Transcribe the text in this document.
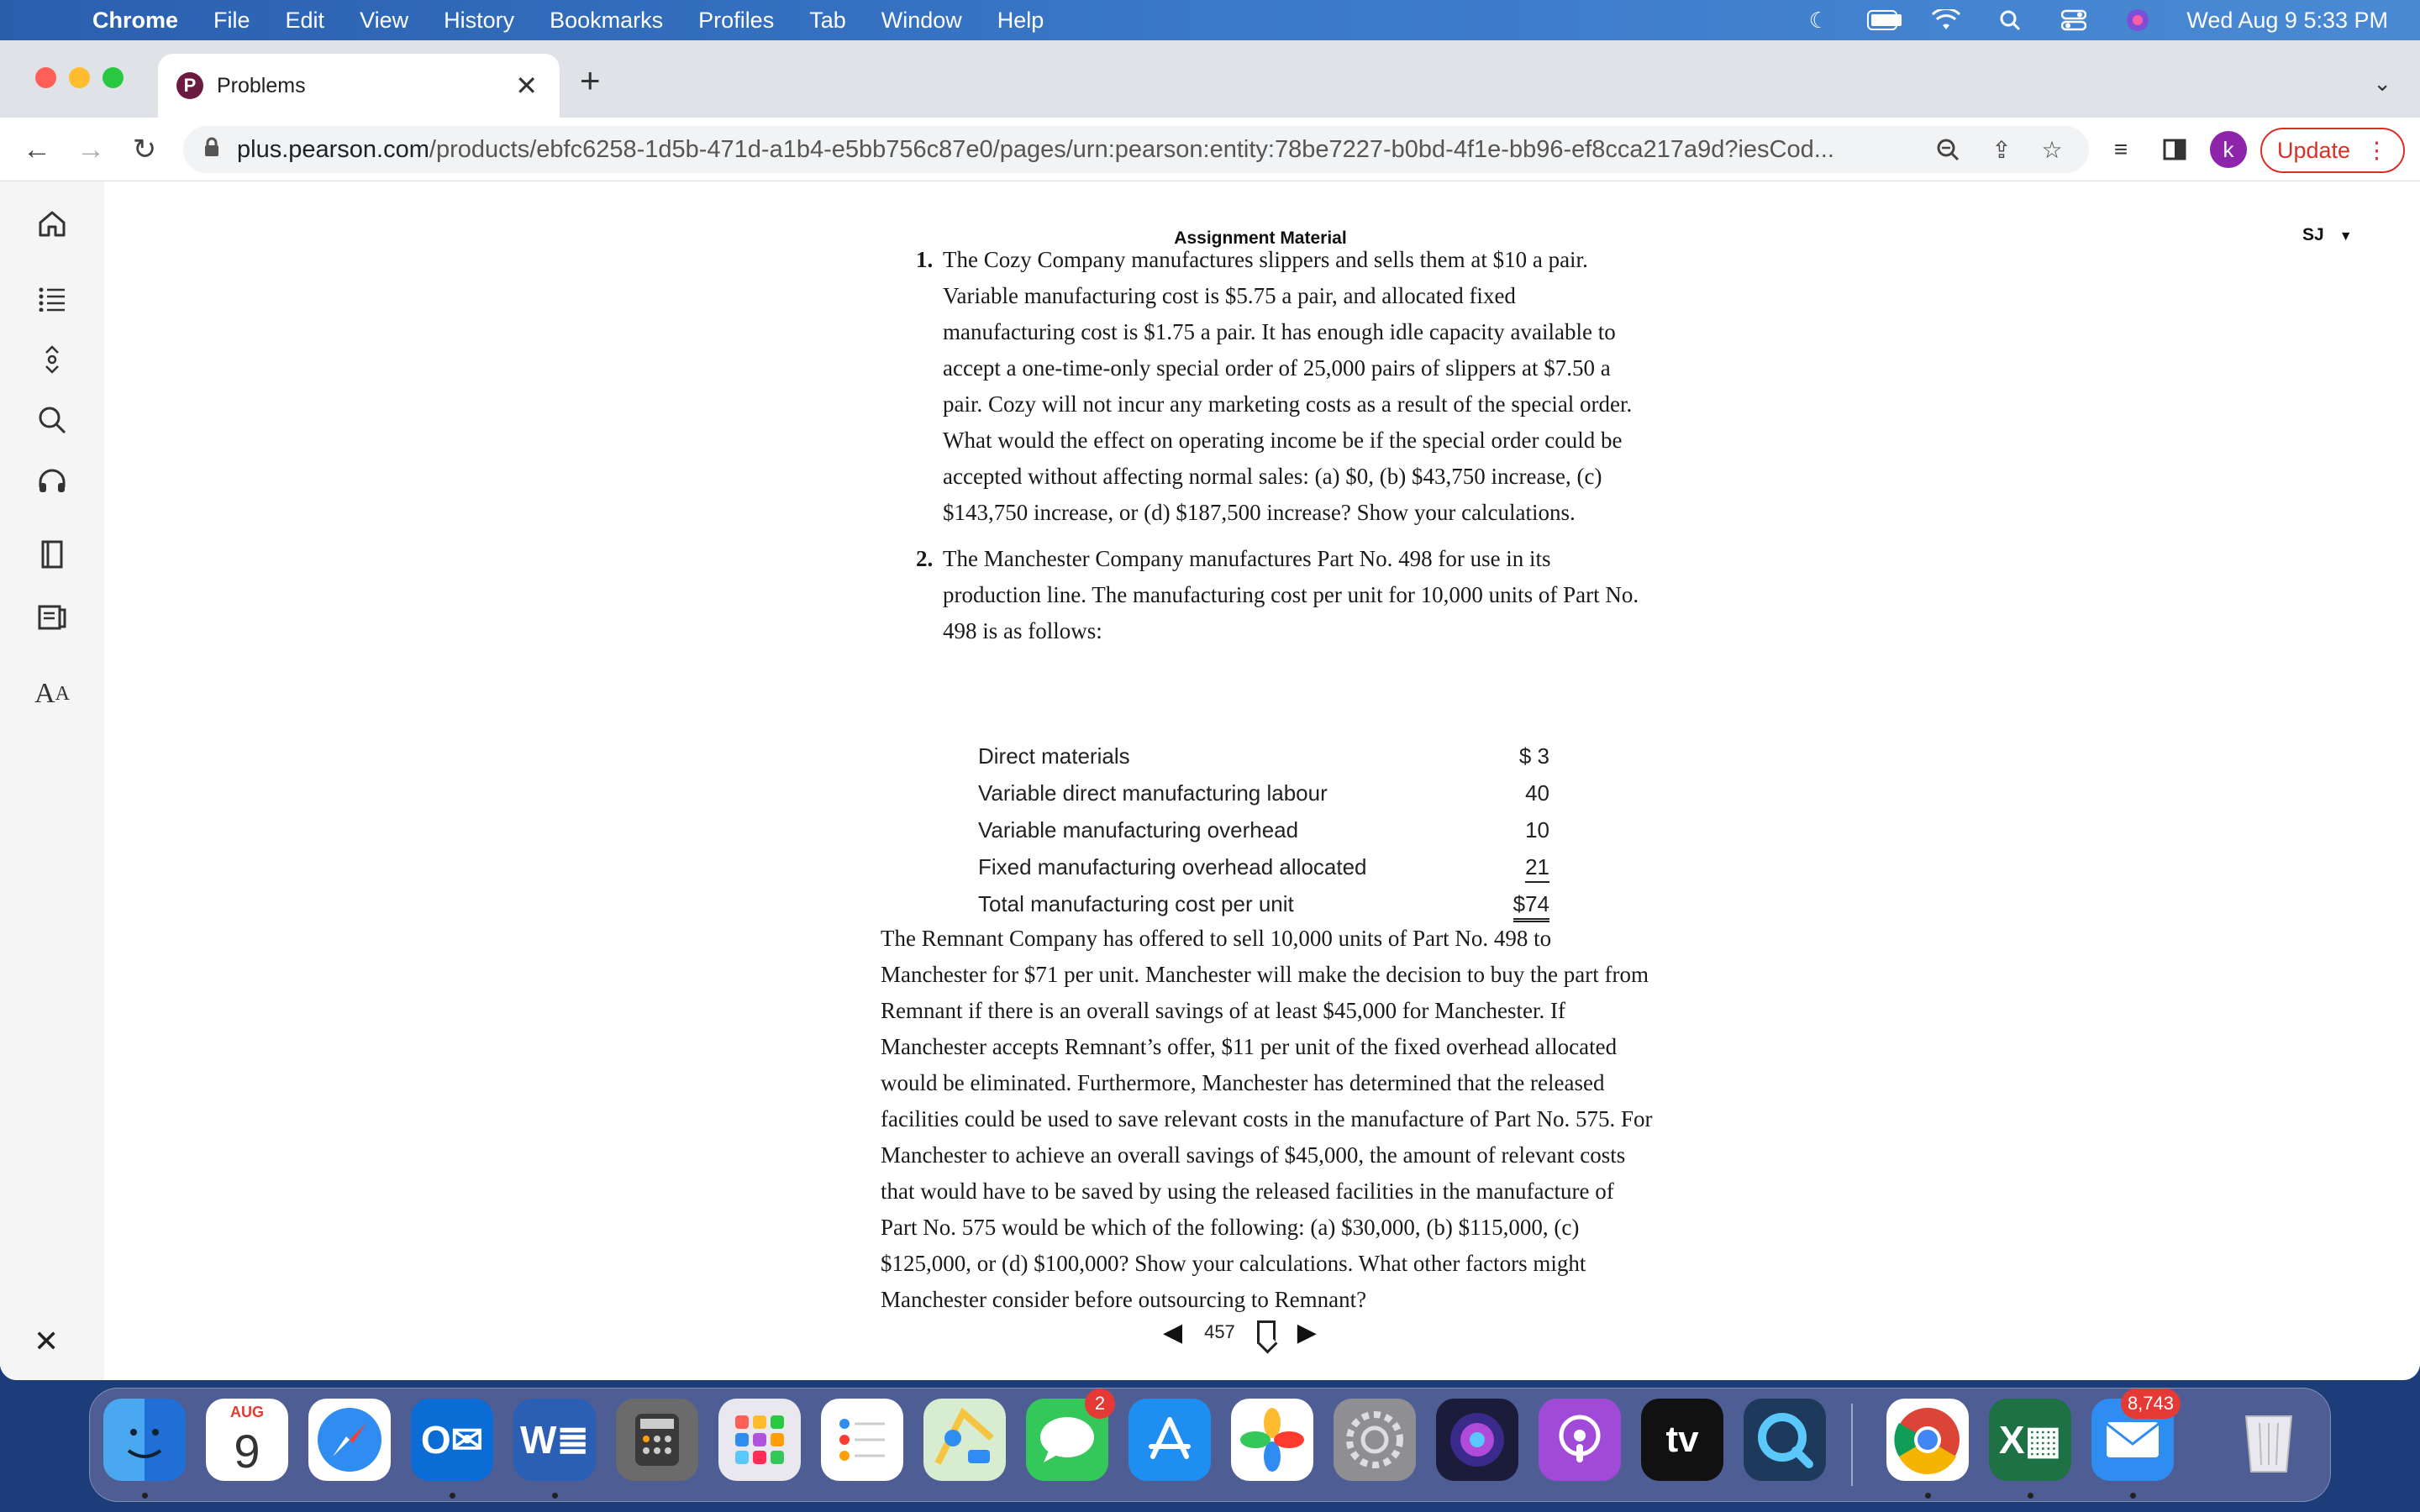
Chrome File Edit View History Bookmarks Profiles Tab Window Help	☾	Wed Aug 9 5:33 PM
P Problems	✕ +	⌄
← → ↻	plus.pearson.com/products/ebfc6258-1d5b-471d-a1b4-e5bb756c87e0/pages/urn:pearson:entity:78be7227-b0bd-4f1e-bb96-ef8cca217a9d?iesCod...	⇪ ☆	≡	k	Update ⋮
A A
✕
Assignment Material	SJ ▼
1. The Cozy Company manufactures slippers and sells them at $10 a pair. Variable manufacturing cost is $5.75 a pair, and allocated fixed manufacturing cost is $1.75 a pair. It has enough idle capacity available to accept a one-time-only special order of 25,000 pairs of slippers at $7.50 a pair. Cozy will not incur any marketing costs as a result of the special order. What would the effect on operating income be if the special order could be accepted without affecting normal sales: (a) $0, (b) $43,750 increase, (c) $143,750 increase, or (d) $187,500 increase? Show your calculations.
2. The Manchester Company manufactures Part No. 498 for use in its production line. The manufacturing cost per unit for 10,000 units of Part No. 498 is as follows:
Direct materials	$ 3
Variable direct manufacturing labour	40
Variable manufacturing overhead	10
Fixed manufacturing overhead allocated	21
Total manufacturing cost per unit	$74
The Remnant Company has offered to sell 10,000 units of Part No. 498 to Manchester for $71 per unit. Manchester will make the decision to buy the part from Remnant if there is an overall savings of at least $45,000 for Manchester. If Manchester accepts Remnant’s offer, $11 per unit of the fixed overhead allocated would be eliminated. Furthermore, Manchester has determined that the released facilities could be used to save relevant costs in the manufacture of Part No. 575. For Manchester to achieve an overall savings of $45,000, the amount of relevant costs that would have to be saved by using the released facilities in the manufacture of Part No. 575 would be which of the following: (a) $30,000, (b) $115,000, (c) $125,000, or (d) $100,000? Show your calculations. What other factors might Manchester consider before outsourcing to Remnant?
◀ 457 ▶
AUG
9	O✉ W≣
2
tv	X▦
8,743
